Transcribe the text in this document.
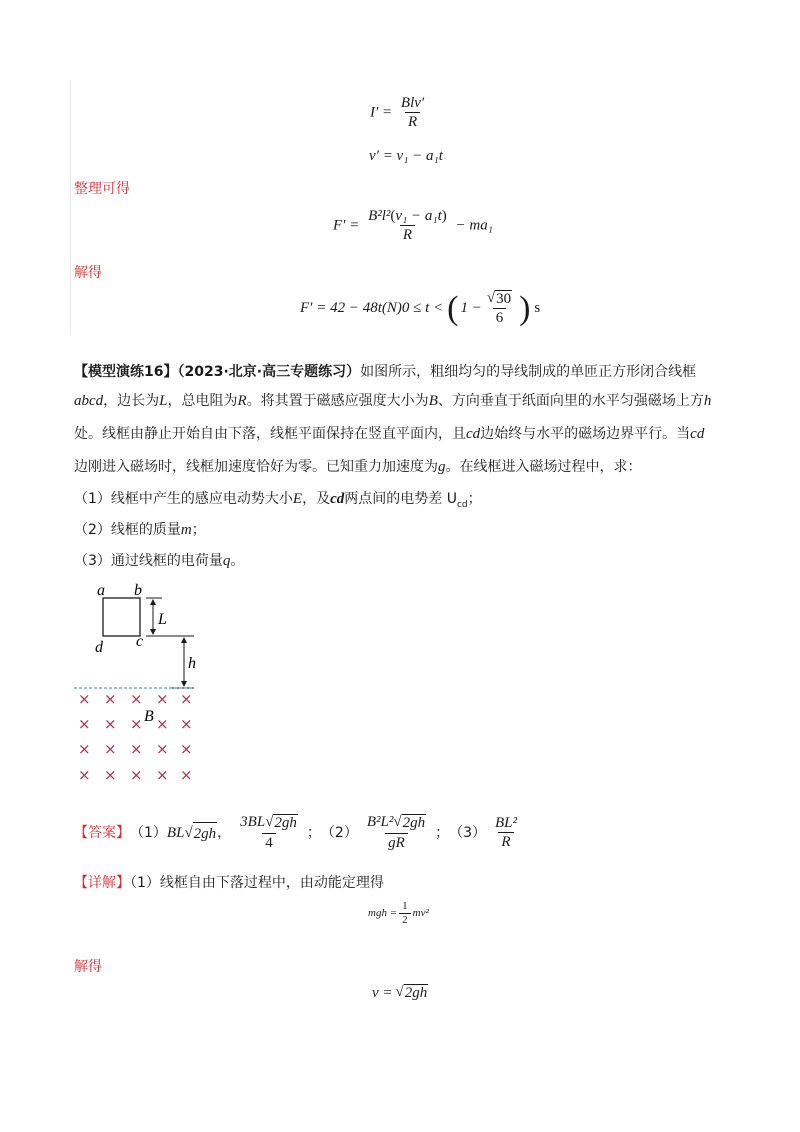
$I' = \frac{\text{Blv′}}{R}$
v′ = v₁ − a₁t
整理可得
$F' = \frac{\text{B²l²(v₁ − a₁t)}}{R} - ma_1$
解得
F′ = 42 − 48t(N)0 ≤ t < ( $1 - \frac{√ 30}{6}$ ) s
【模型演练16】（2023·北京·高三专题练习）如图所示，粗细均匀的导线制成的单匝正方形闭合线框
abcd，边长为L，总电阻为R。将其置于磁感应强度大小为B、方向垂直于纸面向里的水平匀强磁场上方h
处。线框由静止开始自由下落，线框平面保持在竖直平面内，且cd边始终与水平的磁场边界平行。当cd
边刚进入磁场时，线框加速度恰好为零。已知重力加速度为g。在线框进入磁场过程中，求：
（1）线框中产生的感应电动势大小E，及cd两点间的电势差 $U_{cd}$；
（2）线框的质量m；
（3）通过线框的电荷量q。
a b
d c
L
h
× × × × ×
× × × × ×
× × × × ×
× × × × ×
B
【答案】 （1） BL √ 2gh ， $\frac{3BL √ 2gh}{4}$ ； $(2) \frac{\text{B²L² √ 2gh}}{gR}$ ； $(3) \frac{\text{BL²}}{R}$
【详解】（1）线框自由下落过程中，由动能定理得
mgh = $\frac{1}{2} mv^2$
解得
v = √ 2gh
